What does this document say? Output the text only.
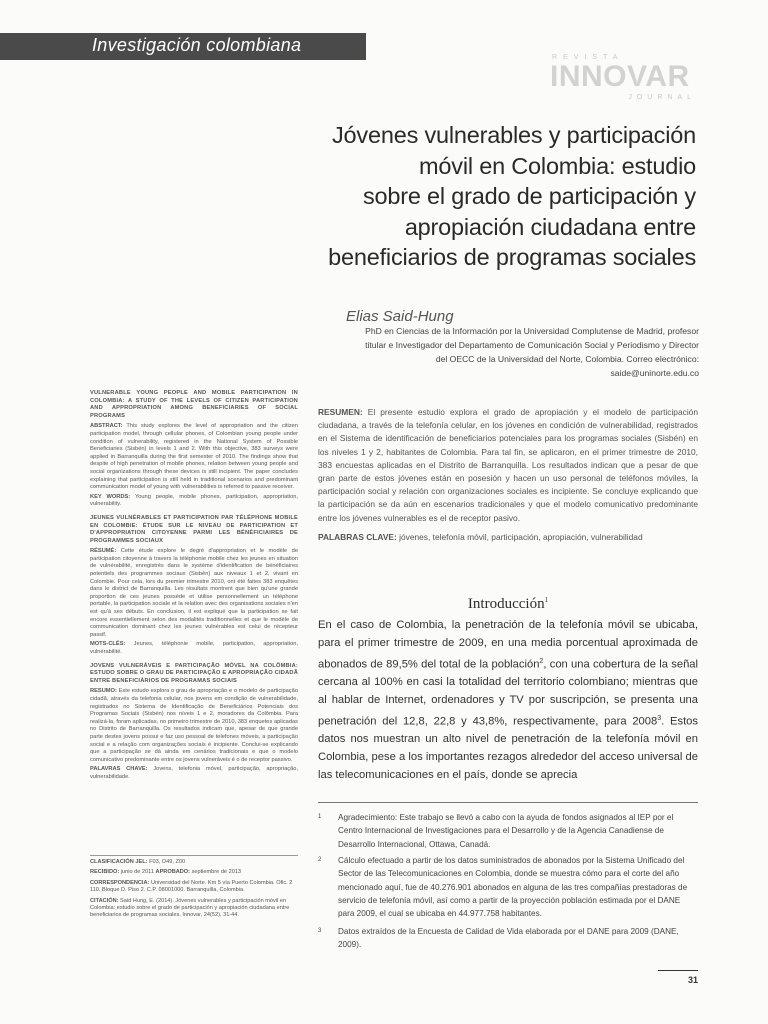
Investigación colombiana
REVISTA
INNOVAR
JOURNAL
Jóvenes vulnerables y participación
móvil en Colombia: estudio
sobre el grado de participación y
apropiación ciudadana entre
beneficiarios de programas sociales
Elias Said-Hung
PhD en Ciencias de la Información por la Universidad Complutense de Madrid, profesor
titular e Investigador del Departamento de Comunicación Social y Periodismo y Director
del OECC de la Universidad del Norte, Colombia. Correo electrónico: saide@uninorte.edu.co
VULNERABLE YOUNG PEOPLE AND MOBILE PARTICIPATION IN COLOMBIA: A STUDY OF THE LEVELS OF CITIZEN PARTICIPATION AND APPROPRIATION AMONG BENEFICIARIES OF SOCIAL PROGRAMS

ABSTRACT: This study explores the level of appropriation and the citizen participation model, through cellular phones, of Colombian young people under condition of vulnerability, registered in the National System of Possible Beneficiaries (Sisbén) in levels 1 and 2. With this objective, 383 surveys were applied in Barranquilla during the first semester of 2010. The findings show that despite of high penetration of mobile phones, relation between young people and social organizations through these devices is still incipient. The paper concludes explaining that participation is still held in traditional scenarios and predominant communication model of young with vulnerabilities is referred to passive receiver.

KEY WORDS: Young people, mobile phones, participation, appropriation, vulnerability.

JEUNES VULNÉRABLES ET PARTICIPATION PAR TÉLÉPHONE MOBILE EN COLOMBIE: ÉTUDE SUR LE NIVEAU DE PARTICIPATION ET D'APPROPRIATION CITOYENNE PARMI LES BÉNÉFICIAIRES DE PROGRAMMES SOCIAUX

RÉSUMÉ: Cette étude explore le degré d'appropriation et le modèle de participation citoyenne à travers la téléphonie mobile chez les jeunes en situation de vulnérabilité, enregistrés dans le système d'identification de bénéficiaires potentiels des programmes sociaux (Sisbén) aux niveaux 1 et 2, vivant en Colombie. Pour cela, lors du premier trimestre 2010, ont été faites 383 enquêtes dans le district de Barranquilla. Les résultats montrent que bien qu'une grande proportion de ces jeunes possède et utilise personnellement un téléphone portable, la participation sociale et la relation avec des organisations sociales n'en est qu'à ses débuts. En conclusion, il est expliqué que la participation se fait encore essentiellement selon des modalités traditionnelles et que le modèle de communication dominant chez les jeunes vulnérables est celui de récepteur passif.

MOTS-CLÉS: Jeunes, téléphonie mobile, participation, appropriation, vulnérabilité.

JOVENS VULNERÁVEIS E PARTICIPAÇÃO MÓVEL NA COLÔMBIA: ESTUDO SOBRE O GRAU DE PARTICIPAÇÃO E APROPRIAÇÃO CIDADÃ ENTRE BENEFICIÁRIOS DE PROGRAMAS SOCIAIS

RESUMO: Este estudo explora o grau de apropriação e o modelo de participação cidadã, através da telefonia celular, nos jovens em condição de vulnerabilidade, registrados no Sistema de Identificação de Beneficiários Potenciais dos Programas Sociais (Sisbén) nos níveis 1 e 2, moradores da Colômbia. Para realizá-la, foram aplicadas, no primeiro trimestre de 2010, 383 enquetes aplicadas no Distrito de Barranquilla. Os resultados indicam que, apesar de que grande parte destes jovens possui e faz uso pessoal de telefones móveis, a participação social e a relação com organizações sociais é incipiente. Conclui-se explicando que a participação se dá ainda em cenários tradicionais e que o modelo comunicativo predominante entre os jovens vulneráveis é o de receptor passivo.

PALAVRAS CHAVE: Jovens, telefonia móvel, participação, apropriação, vulnerabilidade.

CLASIFICACIÓN JEL: F03, O49, Z00

RECIBIDO: junio de 2011 APROBADO: septiembre de 2013

CORRESPONDENCIA: Universidad del Norte. Km 5 vía Puerto Colombia. Ofic. 2 110. Bloque D. Piso 2. C.P. 08001000. Barranquilla, Colombia.

CITACIÓN: Said Hung, E. (2014). Jóvenes vulnerables y participación móvil en Colombia: estudio sobre el grado de participación y apropiación ciudadana entre beneficiarios de programas sociales. Innovar, 24(52), 31-44.

RESUMEN: El presente estudio explora el grado de apropiación y el modelo de participación ciudadana, a través de la telefonía celular, en los jóvenes en condición de vulnerabilidad, registrados en el Sistema de identificación de beneficiarios potenciales para los programas sociales (Sisbén) en los niveles 1 y 2, habitantes de Colombia. Para tal fin, se aplicaron, en el primer trimestre de 2010, 383 encuestas aplicadas en el Distrito de Barranquilla. Los resultados indican que a pesar de que gran parte de estos jóvenes están en posesión y hacen un uso personal de teléfonos móviles, la participación social y relación con organizaciones sociales es incipiente. Se concluye explicando que la participación se da aún en escenarios tradicionales y que el modelo comunicativo predominante entre los jóvenes vulnerables es el de receptor pasivo.

PALABRAS CLAVE: jóvenes, telefonía móvil, participación, apropiación, vulnerabilidad

Introducción$^1$

En el caso de Colombia, la penetración de la telefonía móvil se ubicaba, para el primer trimestre de 2009, en una media porcentual aproximada de abonados de 89,5% del total de la población$^2$, con una cobertura de la señal cercana al 100% en casi la totalidad del territorio colombiano; mientras que al hablar de Internet, ordenadores y TV por suscripción, se presenta una penetración del 12,8, 22,8 y 43,8%, respectivamente, para 2008$^3$. Estos datos nos muestran un alto nivel de penetración de la telefonía móvil en Colombia, pese a los importantes rezagos alrededor del acceso universal de las telecomunicaciones en el país, donde se aprecia

1 Agradecimiento: Este trabajo se llevó a cabo con la ayuda de fondos asignados al IEP por el Centro Internacional de Investigaciones para el Desarrollo y de la Agencia Canadiense de Desarrollo Internacional, Ottawa, Canadá.
2 Cálculo efectuado a partir de los datos suministrados de abonados por la Sistema Unificado del Sector de las Telecomunicaciones en Colombia, donde se muestra cómo para el corte del año mencionado aquí, fue de 40.276.901 abonados en alguna de las tres compañías prestadoras de servicio de telefonía móvil, así como a partir de la proyección población estimada por el DANE para 2009, el cual se ubicaba en 44.977.758 habitantes.
3 Datos extraídos de la Encuesta de Calidad de Vida elaborada por el DANE para 2009 (DANE, 2009).
31
